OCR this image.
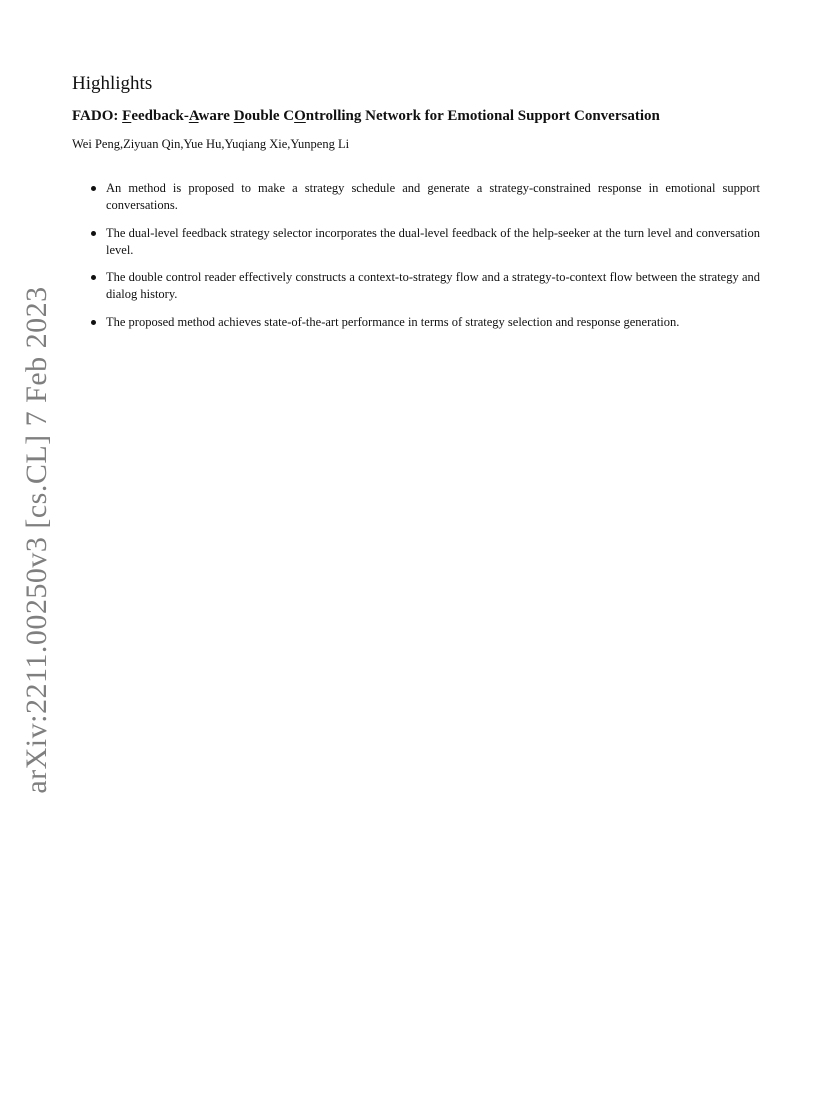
arXiv:2211.00250v3 [cs.CL] 7 Feb 2023
Highlights
FADO: Feedback-Aware Double COntrolling Network for Emotional Support Conversation

Wei Peng,Ziyuan Qin,Yue Hu,Yuqiang Xie,Yunpeng Li

An method is proposed to make a strategy schedule and generate a strategy-constrained response in emotional support conversations.
The dual-level feedback strategy selector incorporates the dual-level feedback of the help-seeker at the turn level and conversation level.
The double control reader effectively constructs a context-to-strategy flow and a strategy-to-context flow between the strategy and dialog history.
The proposed method achieves state-of-the-art performance in terms of strategy selection and response generation.
